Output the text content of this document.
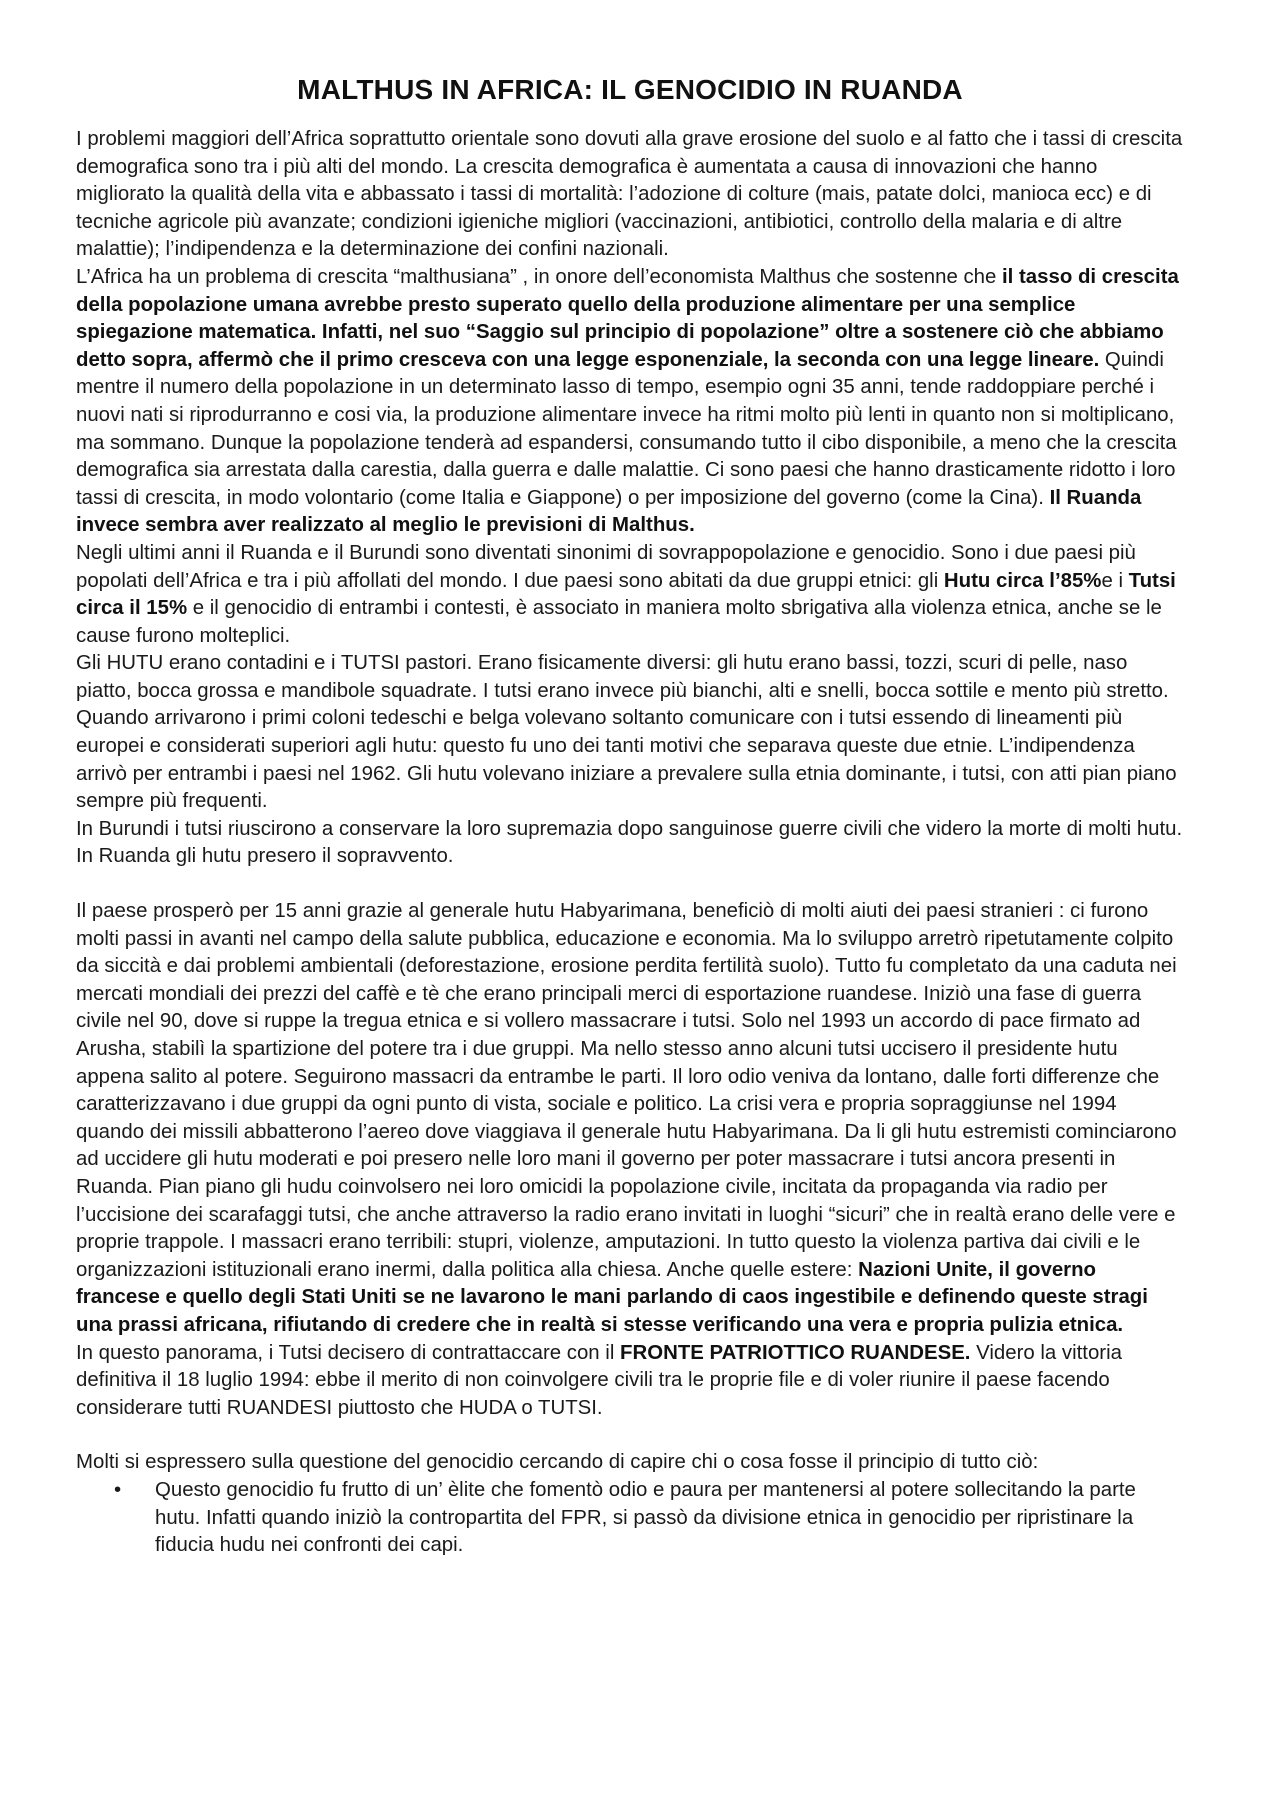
MALTHUS IN AFRICA: IL GENOCIDIO IN RUANDA

I problemi maggiori dell’Africa soprattutto orientale sono dovuti alla grave erosione del suolo e al fatto che i tassi di crescita demografica sono tra i più alti del mondo. La crescita demografica è aumentata a causa di innovazioni che hanno migliorato la qualità della vita e abbassato i tassi di mortalità: l’adozione di colture (mais, patate dolci, manioca ecc) e di tecniche agricole più avanzate; condizioni igieniche migliori (vaccinazioni, antibiotici, controllo della malaria e di altre malattie); l’indipendenza e la determinazione dei confini nazionali.

L’Africa ha un problema di crescita “malthusiana” , in onore dell’economista Malthus che sostenne che il tasso di crescita della popolazione umana avrebbe presto superato quello della produzione alimentare per una semplice spiegazione matematica. Infatti, nel suo “Saggio sul principio di popolazione” oltre a sostenere ciò che abbiamo detto sopra, affermò che il primo cresceva con una legge esponenziale, la seconda con una legge lineare. Quindi mentre il numero della popolazione in un determinato lasso di tempo, esempio ogni 35 anni, tende raddoppiare perché i nuovi nati si riprodurranno e cosi via, la produzione alimentare invece ha ritmi molto più lenti in quanto non si moltiplicano, ma sommano. Dunque la popolazione tenderà ad espandersi, consumando tutto il cibo disponibile, a meno che la crescita demografica sia arrestata dalla carestia, dalla guerra e dalle malattie. Ci sono paesi che hanno drasticamente ridotto i loro tassi di crescita, in modo volontario (come Italia e Giappone) o per imposizione del governo (come la Cina). Il Ruanda invece sembra aver realizzato al meglio le previsioni di Malthus.

Negli ultimi anni il Ruanda e il Burundi sono diventati sinonimi di sovrappopolazione e genocidio. Sono i due paesi più popolati dell’Africa e tra i più affollati del mondo. I due paesi sono abitati da due gruppi etnici: gli Hutu circa l’85%e i Tutsi circa il 15% e il genocidio di entrambi i contesti, è associato in maniera molto sbrigativa alla violenza etnica, anche se le cause furono molteplici.

Gli HUTU erano contadini e i TUTSI pastori. Erano fisicamente diversi: gli hutu erano bassi, tozzi, scuri di pelle, naso piatto, bocca grossa e mandibole squadrate. I tutsi erano invece più bianchi, alti e snelli, bocca sottile e mento più stretto. Quando arrivarono i primi coloni tedeschi e belga volevano soltanto comunicare con i tutsi essendo di lineamenti più europei e considerati superiori agli hutu: questo fu uno dei tanti motivi che separava queste due etnie. L’indipendenza arrivò per entrambi i paesi nel 1962. Gli hutu volevano iniziare a prevalere sulla etnia dominante, i tutsi, con atti pian piano sempre più frequenti.

In Burundi i tutsi riuscirono a conservare la loro supremazia dopo sanguinose guerre civili che videro la morte di molti hutu. In Ruanda gli hutu presero il sopravvento.

Il paese prosperò per 15 anni grazie al generale hutu Habyarimana, beneficiò di molti aiuti dei paesi stranieri : ci furono molti passi in avanti nel campo della salute pubblica, educazione e economia. Ma lo sviluppo arretrò ripetutamente colpito da siccità e dai problemi ambientali (deforestazione, erosione perdita fertilità suolo). Tutto fu completato da una caduta nei mercati mondiali dei prezzi del caffè e tè che erano principali merci di esportazione ruandese. Iniziò una fase di guerra civile nel 90, dove si ruppe la tregua etnica e si vollero massacrare i tutsi. Solo nel 1993 un accordo di pace firmato ad Arusha, stabilì la spartizione del potere tra i due gruppi. Ma nello stesso anno alcuni tutsi uccisero il presidente hutu appena salito al potere. Seguirono massacri da entrambe le parti. Il loro odio veniva da lontano, dalle forti differenze che caratterizzavano i due gruppi da ogni punto di vista, sociale e politico. La crisi vera e propria sopraggiunse nel 1994 quando dei missili abbatterono l’aereo dove viaggiava il generale hutu Habyarimana. Da li gli hutu estremisti cominciarono ad uccidere gli hutu moderati e poi presero nelle loro mani il governo per poter massacrare i tutsi ancora presenti in Ruanda. Pian piano gli hudu coinvolsero nei loro omicidi la popolazione civile, incitata da propaganda via radio per l’uccisione dei scarafaggi tutsi, che anche attraverso la radio erano invitati in luoghi “sicuri” che in realtà erano delle vere e proprie trappole. I massacri erano terribili: stupri, violenze, amputazioni. In tutto questo la violenza partiva dai civili e le organizzazioni istituzionali erano inermi, dalla politica alla chiesa. Anche quelle estere: Nazioni Unite, il governo francese e quello degli Stati Uniti se ne lavarono le mani parlando di caos ingestibile e definendo queste stragi una prassi africana, rifiutando di credere che in realtà si stesse verificando una vera e propria pulizia etnica.

In questo panorama, i Tutsi decisero di contrattaccare con il FRONTE PATRIOTTICO RUANDESE. Videro la vittoria definitiva il 18 luglio 1994: ebbe il merito di non coinvolgere civili tra le proprie file e di voler riunire il paese facendo considerare tutti RUANDESI piuttosto che HUDA o TUTSI.

Molti si espressero sulla questione del genocidio cercando di capire chi o cosa fosse il principio di tutto ciò:

• Questo genocidio fu frutto di un’ èlite che fomentò odio e paura per mantenersi al potere sollecitando la parte hutu. Infatti quando iniziò la contropartita del FPR, si passò da divisione etnica in genocidio per ripristinare la fiducia hudu nei confronti dei capi.
